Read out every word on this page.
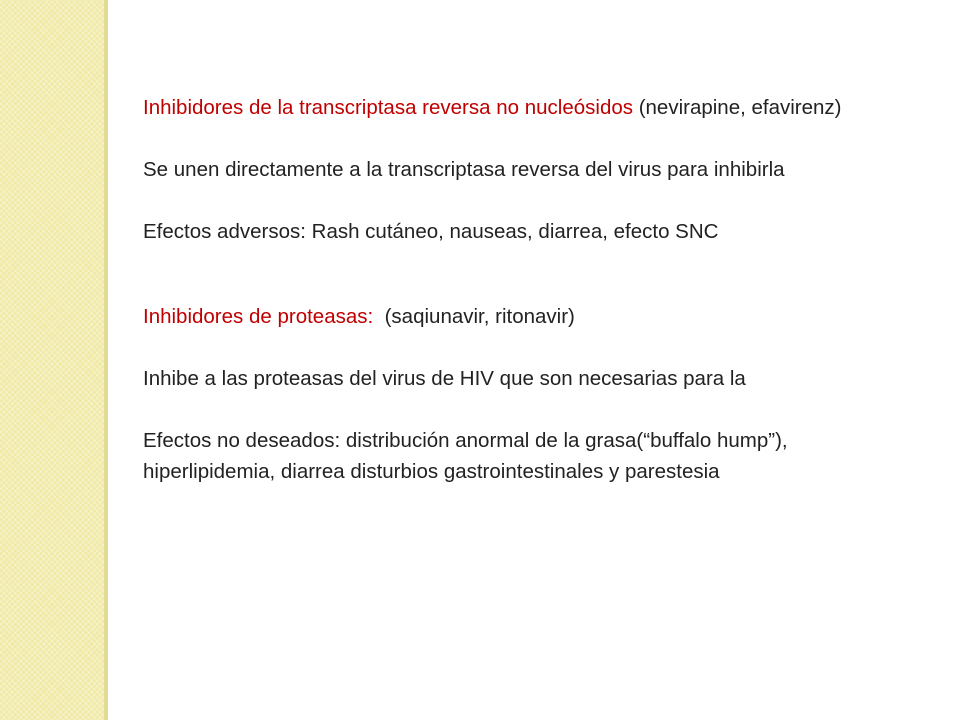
Inhibidores de la transcriptasa reversa no nucleósidos (nevirapine, efavirenz)

Se unen directamente a la transcriptasa reversa del virus para inhibirla

Efectos adversos: Rash cutáneo, nauseas, diarrea, efecto SNC

Inhibidores de proteasas:  (saqiunavir, ritonavir)

Inhibe a las proteasas del virus de HIV que son necesarias para la

Efectos no deseados: distribución anormal de la grasa(“buffalo hump”), hiperlipidemia, diarrea disturbios gastrointestinales y parestesia
